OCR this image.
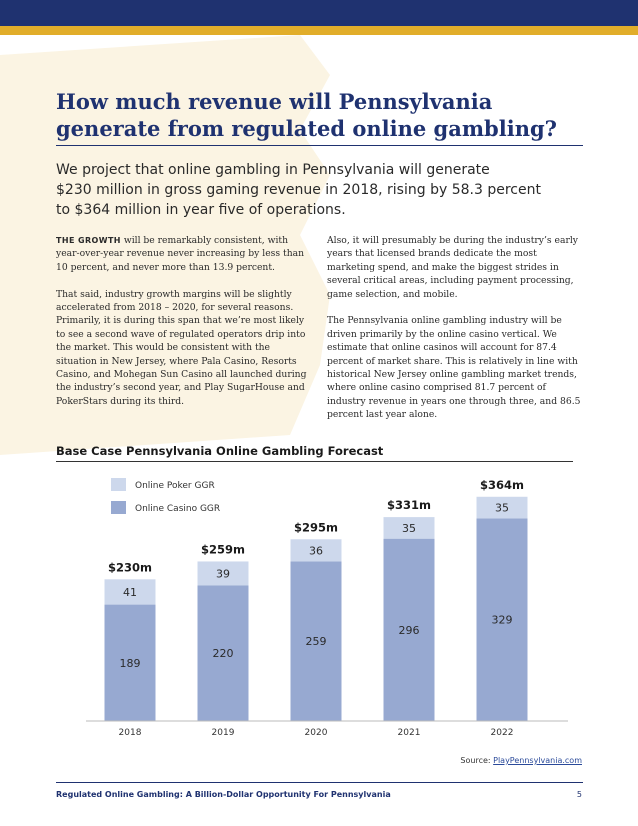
How much revenue will Pennsylvania generate from regulated online gambling?
We project that online gambling in Pennsylvania will generate
$230 million in gross gaming revenue in 2018, rising by 58.3 percent
to $364 million in year five of operations.

THE GROWTH will be remarkably consistent, with year-over-year revenue never increasing by less than 10 percent, and never more than 13.9 percent.

That said, industry growth margins will be slightly accelerated from 2018 – 2020, for several reasons. Primarily, it is during this span that we’re most likely to see a second wave of regulated operators drip into the market. This would be consistent with the situation in New Jersey, where Pala Casino, Resorts Casino, and Mohegan Sun Casino all launched during the industry’s second year, and Play SugarHouse and PokerStars during its third.

Also, it will presumably be during the industry’s early years that licensed brands dedicate the most marketing spend, and make the biggest strides in several critical areas, including payment processing, game selection, and mobile.

The Pennsylvania online gambling industry will be driven primarily by the online casino vertical. We estimate that online casinos will account for 87.4 percent of market share. This is relatively in line with historical New Jersey online gambling market trends, where online casino comprised 81.7 percent of industry revenue in years one through three, and 86.5 percent last year alone.

Base Case Pennsylvania Online Gambling Forecast
Online Poker GGR
Online Casino GGR
189
41
$230m
220
39
$259m
259
36
$295m
296
35
$331m
329
35
$364m
2018	2019	2020	2021	2022
Source: PlayPennsylvania.com
Regulated Online Gambling: A Billion-Dollar Opportunity For Pennsylvania	5
